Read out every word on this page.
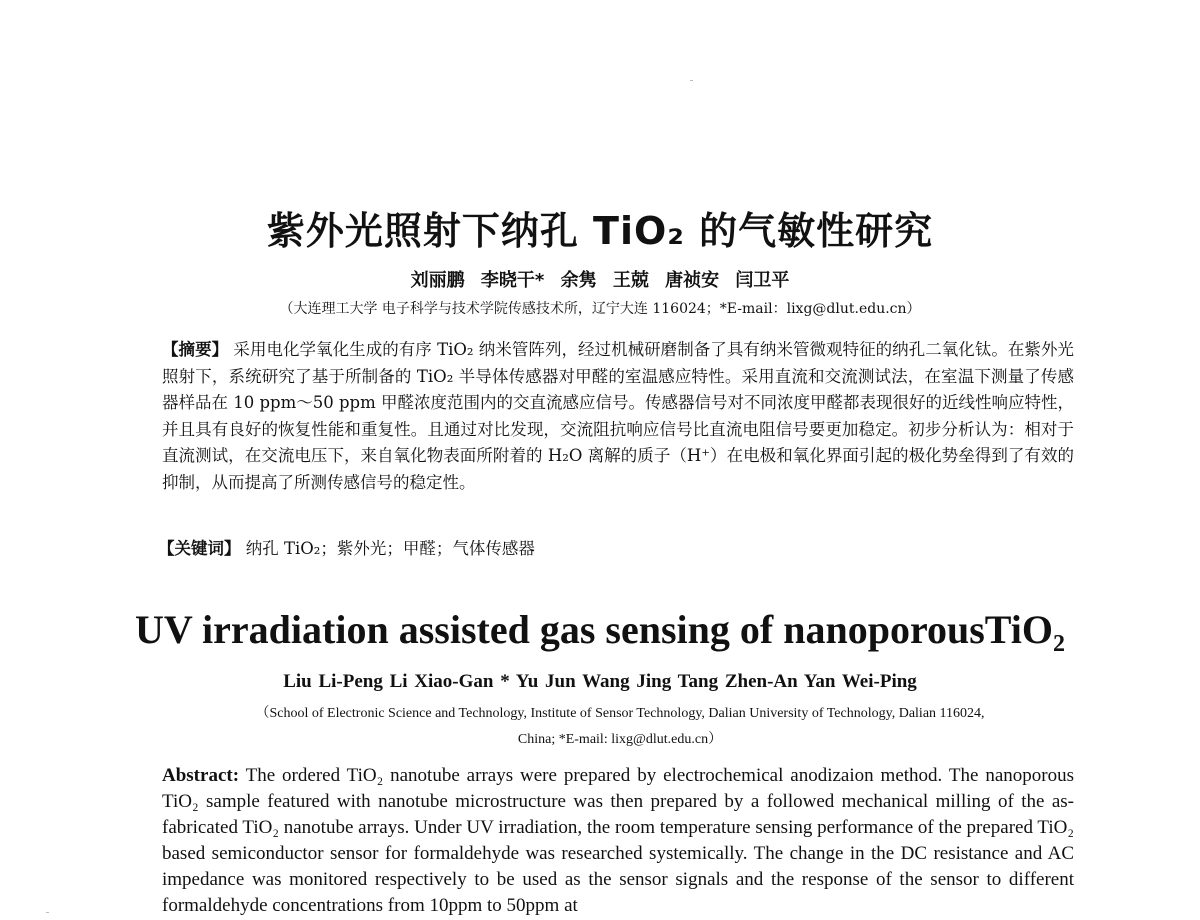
紫外光照射下纳孔 TiO₂ 的气敏性研究
刘丽鹏 李晓干* 余隽 王兢 唐祯安 闫卫平
（大连理工大学 电子科学与技术学院传感技术所，辽宁大连 116024；*E-mail：lixg@dlut.edu.cn）
【摘要】 采用电化学氧化生成的有序 TiO₂ 纳米管阵列，经过机械研磨制备了具有纳米管微观特征的纳孔二氧化钛。在紫外光照射下，系统研究了基于所制备的 TiO₂ 半导体传感器对甲醛的室温感应特性。采用直流和交流测试法，在室温下测量了传感器样品在 10 ppm～50 ppm 甲醛浓度范围内的交直流感应信号。传感器信号对不同浓度甲醛都表现很好的近线性响应特性，并且具有良好的恢复性能和重复性。且通过对比发现，交流阻抗响应信号比直流电阻信号要更加稳定。初步分析认为：相对于直流测试，在交流电压下，来自氧化物表面所附着的 H₂O 离解的质子（H⁺）在电极和氧化界面引起的极化势垒得到了有效的抑制，从而提高了所测传感信号的稳定性。
【关键词】 纳孔 TiO₂；紫外光；甲醛；气体传感器
UV irradiation assisted gas sensing of nanoporousTiO₂
Liu Li-Peng Li Xiao-Gan * Yu Jun Wang Jing Tang Zhen-An Yan Wei-Ping
（School of Electronic Science and Technology, Institute of Sensor Technology, Dalian University of Technology, Dalian 116024, China; *E-mail: lixg@dlut.edu.cn）
Abstract: The ordered TiO₂ nanotube arrays were prepared by electrochemical anodizaion method. The nanoporous TiO₂ sample featured with nanotube microstructure was then prepared by a followed mechanical milling of the as-fabricated TiO₂ nanotube arrays. Under UV irradiation, the room temperature sensing performance of the prepared TiO₂ based semiconductor sensor for formaldehyde was researched systemically. The change in the DC resistance and AC impedance was monitored respectively to be used as the sensor signals and the response of the sensor to different formaldehyde concentrations from 10ppm to 50ppm at
